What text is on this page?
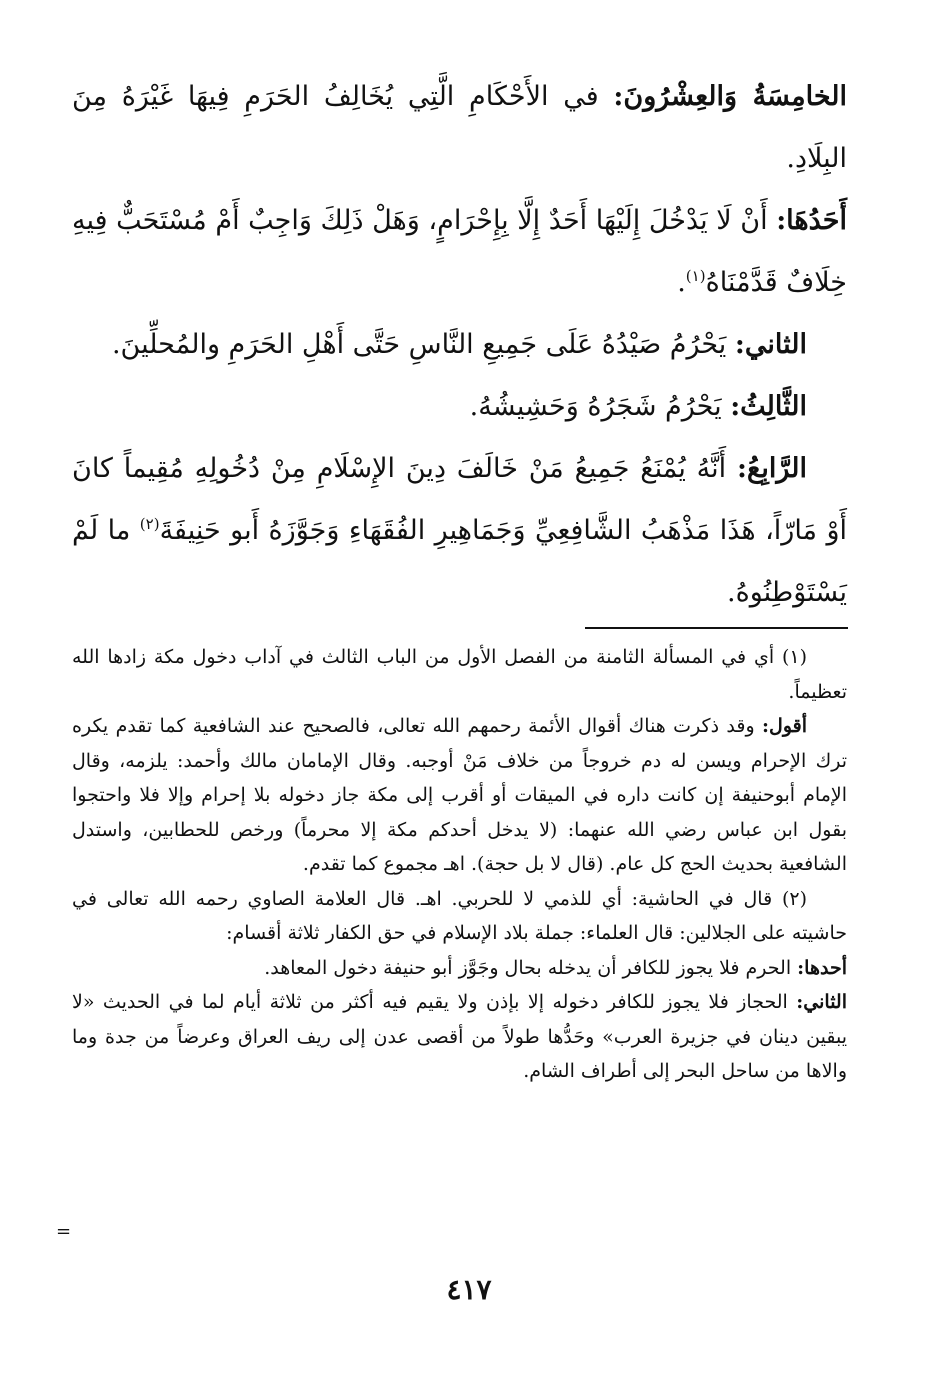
الخامِسَةُ وَالعِشْرُونَ: في الأَحْكَامِ الَّتِي يُخَالِفُ الحَرَمِ فِيهَا غَيْرَهُ مِنَ البِلَادِ.

أَحَدُهَا: أَنْ لَا يَدْخُلَ إِلَيْهَا أَحَدٌ إِلَّا بِإِحْرَامٍ، وَهَلْ ذَلِكَ وَاجِبٌ أَمْ مُسْتَحَبٌّ فِيهِ خِلَافٌ قَدَّمْنَاهُ$^{(١)}$.

الثاني: يَحْرُمُ صَيْدُهُ عَلَى جَمِيعِ النَّاسِ حَتَّى أَهْلِ الحَرَمِ والمُحلِّينَ.

الثَّالِثُ: يَحْرُمُ شَجَرُهُ وَحَشِيشُهُ.

الرَّابِعُ: أَنَّهُ يُمْنَعُ جَمِيعُ مَنْ خَالَفَ دِينَ الإِسْلَامِ مِنْ دُخُولِهِ مُقِيماً كانَ أَوْ مَارّاً، هَذَا مَذْهَبُ الشَّافِعِيِّ وَجَمَاهِيرِ الفُقَهَاءِ وَجَوَّزَهُ أَبو حَنِيفَةَ$^{(٢)}$ ما لَمْ يَسْتَوْطِنُوهُ.

(١) أي في المسألة الثامنة من الفصل الأول من الباب الثالث في آداب دخول مكة زادها الله تعظيماً.

أقول: وقد ذكرت هناك أقوال الأئمة رحمهم الله تعالى، فالصحيح عند الشافعية كما تقدم يكره ترك الإحرام ويسن له دم خروجاً من خلاف مَنْ أوجبه. وقال الإمامان مالك وأحمد: يلزمه، وقال الإمام أبوحنيفة إن كانت داره في الميقات أو أقرب إلى مكة جاز دخوله بلا إحرام وإلا فلا واحتجوا بقول ابن عباس رضي الله عنهما: (لا يدخل أحدكم مكة إلا محرماً) ورخص للحطابين، واستدل الشافعية بحديث الحج كل عام. (قال لا بل حجة). اهـ مجموع كما تقدم.

(٢) قال في الحاشية: أي للذمي لا للحربي. اهـ. قال العلامة الصاوي رحمه الله تعالى في حاشيته على الجلالين: قال العلماء: جملة بلاد الإسلام في حق الكفار ثلاثة أقسام:

أحدها: الحرم فلا يجوز للكافر أن يدخله بحال وجَوَّز أبو حنيفة دخول المعاهد.

الثاني: الحجاز فلا يجوز للكافر دخوله إلا بإذن ولا يقيم فيه أكثر من ثلاثة أيام لما في الحديث «لا يبقين دينان في جزيرة العرب» وحَدُّها طولاً من أقصى عدن إلى ريف العراق وعرضاً من جدة وما والاها من ساحل البحر إلى أطراف الشام.

=
٤١٧
